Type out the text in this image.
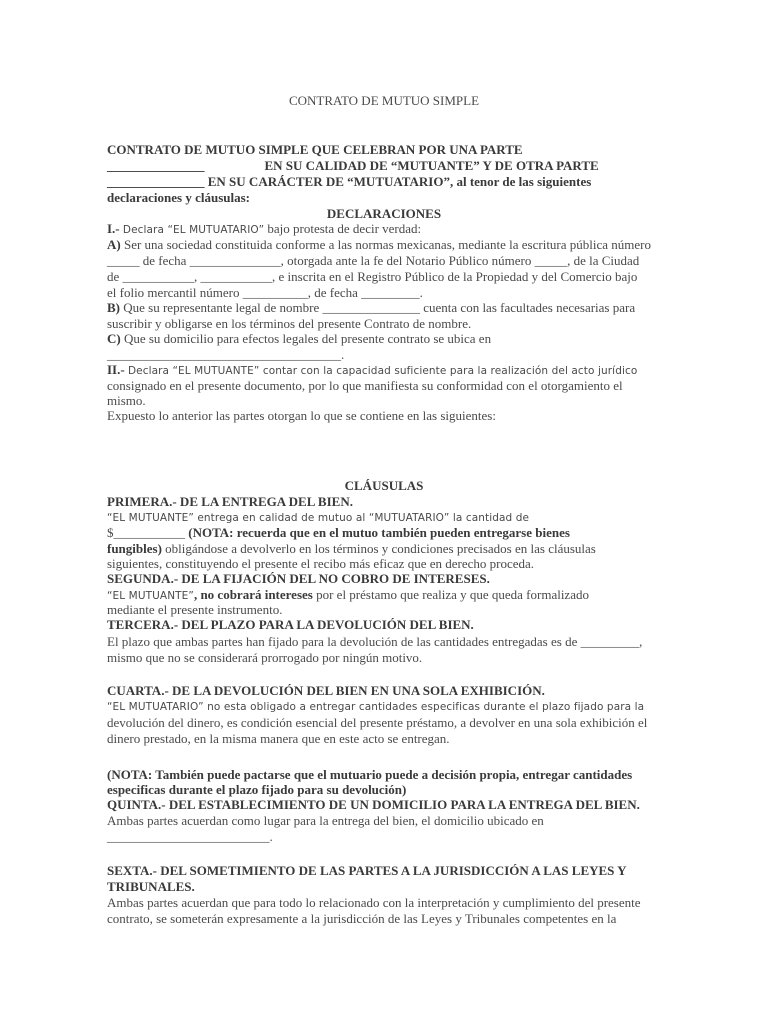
CONTRATO DE MUTUO SIMPLE
CONTRATO DE MUTUO SIMPLE QUE CELEBRAN POR UNA PARTE
_______________	EN SU CALIDAD DE “MUTUANTE” Y DE OTRA PARTE
_______________ EN SU CARÁCTER DE “MUTUATARIO”, al tenor de las siguientes
declaraciones y cláusulas:
DECLARACIONES
I.- Declara “EL MUTUATARIO” bajo protesta de decir verdad:
A) Ser una sociedad constituida conforme a las normas mexicanas, mediante la escritura pública número
_____ de fecha ______________, otorgada ante la fe del Notario Público número _____, de la Ciudad
de ___________, ___________, e inscrita en el Registro Público de la Propiedad y del Comercio bajo
el folio mercantil número __________, de fecha _________.
B) Que su representante legal de nombre _______________ cuenta con las facultades necesarias para
suscribir y obligarse en los términos del presente Contrato de nombre.
C) Que su domicilio para efectos legales del presente contrato se ubica en
____________________________________.
II.- Declara “EL MUTUANTE” contar con la capacidad suficiente para la realización del acto jurídico
consignado en el presente documento, por lo que manifiesta su conformidad con el otorgamiento el
mismo.
Expuesto lo anterior las partes otorgan lo que se contiene en las siguientes:
CLÁUSULAS
PRIMERA.- DE LA ENTREGA DEL BIEN.
“EL MUTUANTE” entrega en calidad de mutuo al “MUTUATARIO” la cantidad de
$___________ (NOTA: recuerda que en el mutuo también pueden entregarse bienes
fungibles) obligándose a devolverlo en los términos y condiciones precisados en las cláusulas
siguientes, constituyendo el presente el recibo más eficaz que en derecho proceda.
SEGUNDA.- DE LA FIJACIÓN DEL NO COBRO DE INTERESES.
“EL MUTUANTE”, no cobrará intereses por el préstamo que realiza y que queda formalizado
mediante el presente instrumento.
TERCERA.- DEL PLAZO PARA LA DEVOLUCIÓN DEL BIEN.
El plazo que ambas partes han fijado para la devolución de las cantidades entregadas es de _________,
mismo que no se considerará prorrogado por ningún motivo.
CUARTA.- DE LA DEVOLUCIÓN DEL BIEN EN UNA SOLA EXHIBICIÓN.
“EL MUTUATARIO” no esta obligado a entregar cantidades especificas durante el plazo fijado para la
devolución del dinero, es condición esencial del presente préstamo, a devolver en una sola exhibición el
dinero prestado, en la misma manera que en este acto se entregan.
(NOTA: También puede pactarse que el mutuario puede a decisión propia, entregar cantidades
especificas durante el plazo fijado para su devolución)
QUINTA.- DEL ESTABLECIMIENTO DE UN DOMICILIO PARA LA ENTREGA DEL BIEN.
Ambas partes acuerdan como lugar para la entrega del bien, el domicilio ubicado en
_________________________.
SEXTA.- DEL SOMETIMIENTO DE LAS PARTES A LA JURISDICCIÓN A LAS LEYES Y
TRIBUNALES.
Ambas partes acuerdan que para todo lo relacionado con la interpretación y cumplimiento del presente
contrato, se someterán expresamente a la jurisdicción de las Leyes y Tribunales competentes en la
